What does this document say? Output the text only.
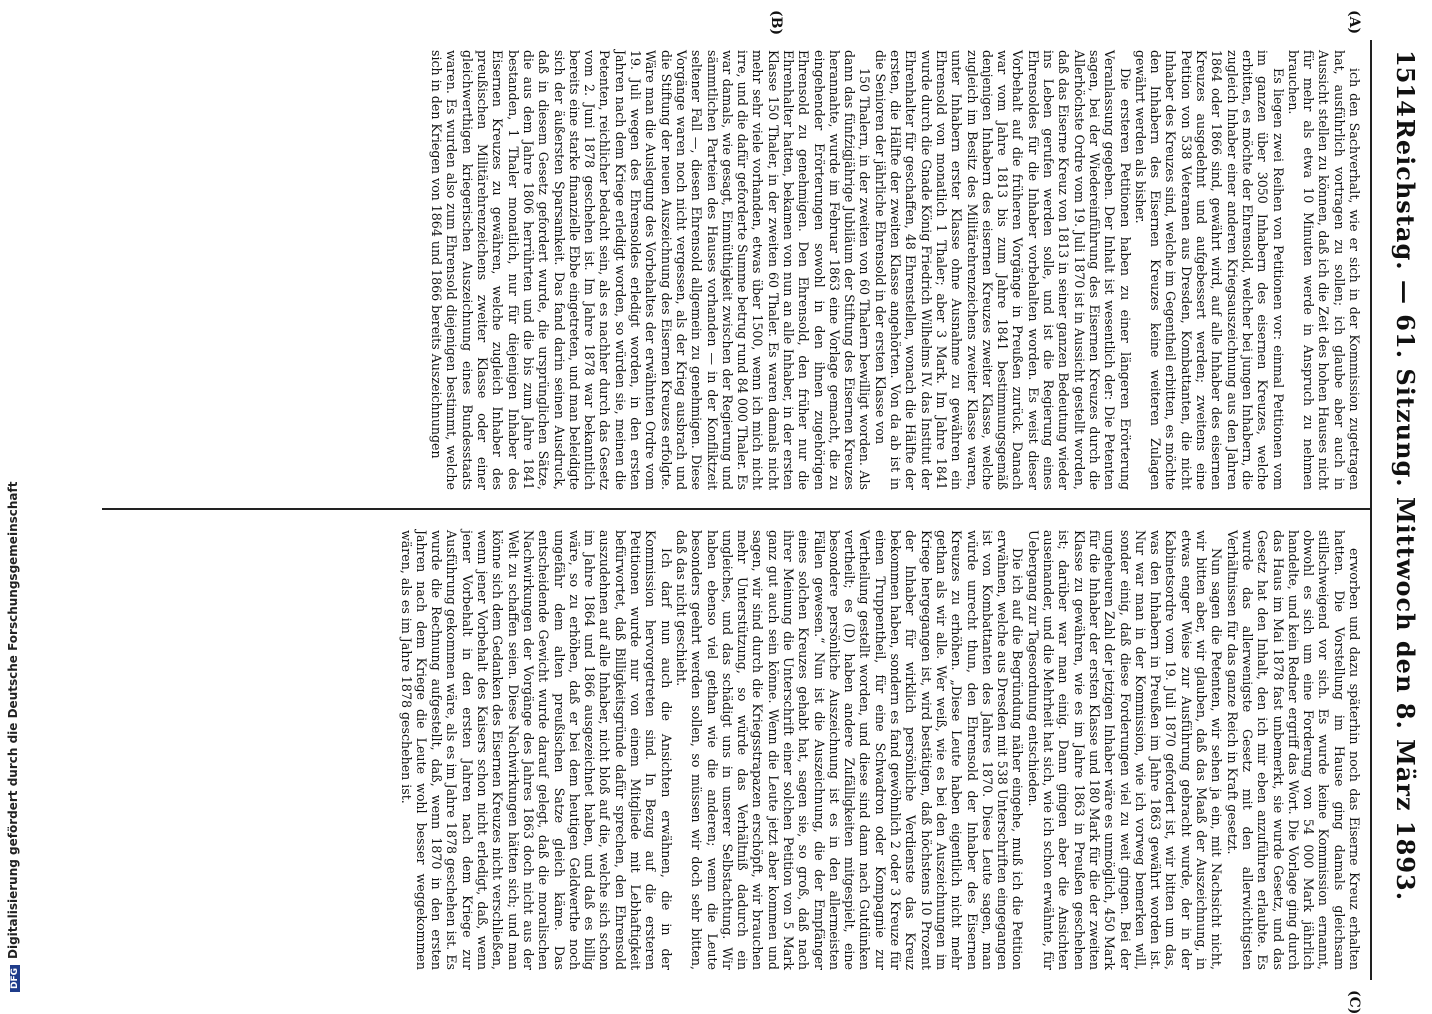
1514
Reichstag. — 61. Sitzung. Mittwoch den 8. März 1893.
(A)
(B)
(C)

ich den Sachverhalt, wie er sich in der Kommission zugetragen hat, ausführlich vortragen zu sollen; ich glaube aber auch in Aussicht stellen zu können, daß ich die Zeit des hohen Hauses nicht für mehr als etwa 10 Minuten werde in Anspruch zu nehmen brauchen.

Es liegen zwei Reihen von Petitionen vor: einmal Petitionen vom im ganzen über 3050 Inhabern des eisernen Kreuzes, welche erbitten, es möchte der Ehrensold, welcher bei jungen Inhabern, die zugleich Inhaber einer anderen Kriegsauszeichnung aus den Jahren 1864 oder 1866 sind, gewährt wird, auf alle Inhaber des eisernen Kreuzes ausgedehnt und aufgebessert werden; zweitens eine Petition von 538 Veteranen aus Dresden, Kombattanten, die nicht Inhaber des Kreuzes sind, welche im Gegentheil erbitten, es möchte den Inhabern des Eisernen Kreuzes keine weiteren Zulagen gewährt werden als bisher.

Die ersteren Petitionen haben zu einer längeren Erörterung Veranlassung gegeben. Der Inhalt ist wesentlich der: Die Petenten sagen, bei der Wiedereinführung des Eisernen Kreuzes durch die Allerhöchste Ordre vom 19. Juli 1870 ist in Aussicht gestellt worden, daß das Eiserne Kreuz von 1813 in seiner ganzen Bedeutung wieder ins Leben gerufen werden solle, und ist die Regierung eines Ehrensoldes für die Inhaber vorbehalten worden. Es weist dieser Vorbehalt auf die früheren Vorgänge in Preußen zurück. Danach war vom Jahre 1813 bis zum Jahre 1841 bestimmungsgemäß denjenigen Inhabern des eisernen Kreuzes zweiter Klasse, welche zugleich im Besitz des Militärehrenzeichens zweiter Klasse waren, unter Inhabern erster Klasse ohne Ausnahme zu gewähren ein Ehrensold von monatlich 1 Thaler; aber 3 Mark. Im Jahre 1841 wurde durch die Gnade König Friedrich Wilhelms IV. das Institut der Ehrenhalter für geschaffen, 48 Ehrenstellen, wonach die Hälfte der ersten, die Hälfte der zweiten Klasse angehörten. Von da ab ist in die Senioren der jährliche Ehrensold in der ersten Klasse von

150 Thalern, in der zweiten von 60 Thalern bewilligt worden. Als dann das fünfzigjährige Jubiläum der Stiftung des Eisernen Kreuzes herannahte, wurde im Februar 1863 eine Vorlage gemacht, die zu eingehender Erörterungen sowohl in den ihnen zugehörigen Ehrensold zu genehmigen. Den Ehrensold, den früher nur die Ehrenhalter hatten, bekamen von nun an alle Inhaber, in der ersten Klasse 150 Thaler, in der zweiten 60 Thaler. Es waren damals nicht mehr sehr viele vorhanden, etwas über 1500, wenn ich mich nicht irre, und die dafür geforderte Summe betrug rund 84 000 Thaler. Es war damals, wie gesagt, Einmüthigkeit zwischen der Regierung und sämmtlichen Parteien des Hauses vorhanden — in der Konfliktzeit seltener Fall —, diesen Ehrensold allgemein zu genehmigen. Diese Vorgänge waren noch nicht vergessen, als der Krieg ausbrach und die Stiftung der neuen Auszeichnung des Eisernen Kreuzes erfolgte. Wäre man die Auslegung des Vorbehaltes der erwähnten Ordre vom 19. Juli wegen des Ehrensoldes erledigt worden, in den ersten Jahren nach dem Kriege erledigt worden, so würden sie, meinen die Petenten, reichlicher bedacht sein, als es nachher durch das Gesetz vom 2. Juni 1878 geschehen ist. Im Jahre 1878 war bekanntlich bereits eine starke finanzielle Ebbe eingetreten, und man beleidigte sich der äußersten Sparsamkeit. Das fand darin seinen Ausdruck, daß in diesem Gesetz gefordert wurde, die ursprünglichen Sätze, die aus dem Jahre 1806 herrührten und die bis zum Jahre 1841 bestanden, 1 Thaler monatlich, nur für diejenigen Inhaber des Eisernen Kreuzes zu gewähren, welche zugleich Inhaber des preußischen Militärehrenzeichens zweiter Klasse oder einer gleichwerthigen kriegerischen Auszeichnung eines Bundesstaats waren. Es wurden also zum Ehrensold diejenigen bestimmt, welche sich in den Kriegen von 1864 und 1866 bereits Auszeichnungen

erworben und dazu späterhin noch das Eiserne Kreuz erhalten hatten. Die Vorstellung im Hause ging damals gleichsam stillschweigend vor sich. Es wurde keine Kommission ernannt, obwohl es sich um eine Forderung von 54 000 Mark jährlich handelte, und kein Redner ergriff das Wort. Die Vorlage ging durch das Haus im Mai 1878 fast unbemerkt, sie wurde Gesetz, und das Gesetz hat den Inhalt, den ich mir eben anzuführen erlaubte. Es wurde das allerwenigste Gesetz mit den allerwichtigsten Verhältnissen für das ganze Reich in Kraft gesetzt.

Nun sagen die Petenten, wir sehen ja ein, mit Nachsicht nicht, wir bitten aber, wir glauben, daß das Maaß der Auszeichnung, in etwas enger Weise zur Ausführung gebracht wurde, der in der Kabinetsordre vom 19. Juli 1870 gefordert ist, wir bitten um das, was den Inhabern in Preußen im Jahre 1863 gewährt worden ist. Nur war man in der Kommission, wie ich vorweg bemerken will, sonder einig, daß diese Forderungen viel zu weit gingen. Bei der ungeheuren Zahl der jetzigen Inhaber wäre es unmöglich, 450 Mark für die Inhaber der ersten Klasse und 180 Mark für die der zweiten Klasse zu gewähren, wie es im Jahre 1863 in Preußen geschehen ist; darüber war man einig. Dann gingen aber die Ansichten auseinander, und die Mehrheit hat sich, wie ich schon erwähnte, für Uebergang zur Tagesordnung entschieden.

Die ich auf die Begründung näher eingehe, muß ich die Petition erwähnen, welche aus Dresden mit 538 Unterschriften eingegangen ist von Kombattanten des Jahres 1870. Diese Leute sagen, man würde unrecht thun, den Ehrensold der Inhaber des Eisernen Kreuzes zu erhöhen. „Diese Leute haben eigentlich nicht mehr gethan als wir alle. Wer weiß, wie es bei den Auszeichnungen im Kriege hergegangen ist, wird bestätigen, daß höchstens 10 Prozent der Inhaber für wirklich persönliche Verdienste das Kreuz bekommen haben, sondern es fand gewöhnlich 2 oder 3 Kreuze für einen Truppentheil, für eine Schwadron oder Kompagnie zur Vertheilung gestellt worden, und diese sind dann nach Gutdünken vertheilt; es (D) haben andere Zufälligkeiten mitgespielt, eine besondere persönliche Auszeichnung ist es in den allermeisten Fällen gewesen.“ Nun ist die Auszeichnung, die der Empfänger eines solchen Kreuzes gehabt hat, sagen sie, so groß, daß nach ihrer Meinung die Unterschrift einer solchen Petition von 5 Mark ganz gut auch sein könne. Wenn die Leute jetzt aber kommen und sagen, wir sind durch die Kriegsstrapazen erschöpft, wir brauchen mehr Unterstützung, so würde das Verhältniß dadurch ein ungleiches, und das schädigt uns in unserer Selbstachtung. Wir haben ebenso viel gethan wie die anderen; wenn die Leute besonders geehrt werden sollen, so müssen wir doch sehr bitten, daß das nicht geschieht.

Ich darf nun auch die Ansichten erwähnen, die in der Kommission hervorgetreten sind. In Bezug auf die ersteren Petitionen wurde nur von einem Mitgliede mit Lebhaftigkeit befürwortet, daß Billigkeitsgründe dafür sprechen, den Ehrensold auszudehnen auf alle Inhaber, nicht bloß auf die, welche sich schon im Jahre 1864 und 1866 ausgezeichnet haben, und daß es billig wäre, so zu erhöhen, daß er bei dem heutigen Geldwerthe noch ungefähr dem alten preußischen Satze gleich käme. Das entscheidende Gewicht wurde darauf gelegt, daß die moralischen Nachwirkungen der Vorgänge des Jahres 1863 doch nicht aus der Welt zu schaffen seien. Diese Nachwirkungen hätten sich; und man könne sich dem Gedanken des Eisernen Kreuzes nicht verschließen, wenn jener Vorbehalt des Kaisers schon nicht erledigt, daß, wenn jener Vorbehalt in den ersten Jahren nach dem Kriege zur Ausführung gekommen wäre, als es im Jahre 1878 geschehen ist. Es wurde die Rechnung aufgestellt, daß, wenn 1870 in den ersten Jahren nach dem Kriege die Leute wohl besser weggekommen wären, als es im Jahre 1878 geschehen ist.

DFGDigitalisierung gefördert durch die Deutsche Forschungsgemeinschaft
